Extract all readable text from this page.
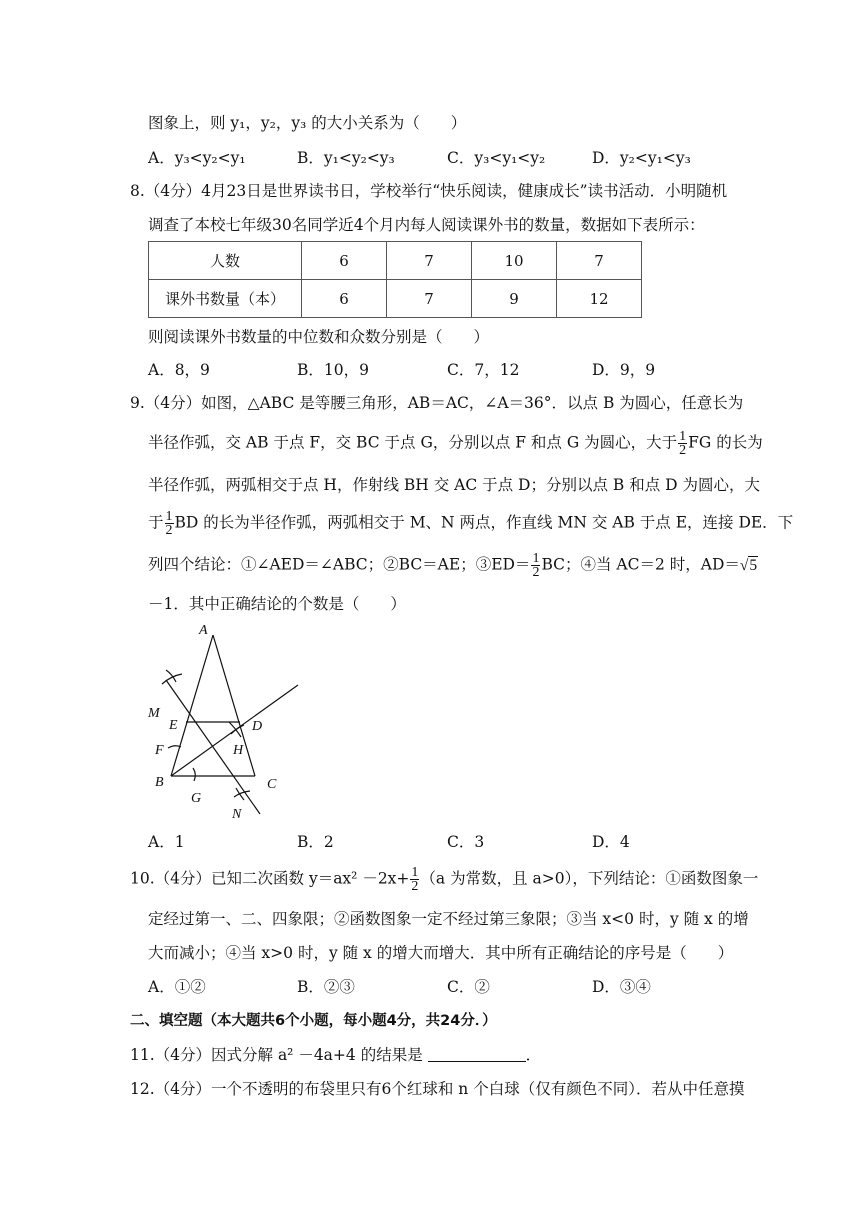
图象上，则 y₁，y₂，y₃ 的大小关系为（　　）
A．y₃<y₂<y₁	B．y₁<y₂<y₃	C．y₃<y₁<y₂	D．y₂<y₁<y₃
8.（4分）4月23日是世界读书日，学校举行“快乐阅读，健康成长”读书活动．小明随机
调查了本校七年级30名同学近4个月内每人阅读课外书的数量，数据如下表所示：
人数	6	7	10	7
课外书数量（本）	6	7	9	12
则阅读课外书数量的中位数和众数分别是（　　）
A．8，9	B．10，9	C．7，12	D．9，9
9.（4分）如图，△ABC 是等腰三角形，AB＝AC，∠A＝36°．以点 B 为圆心，任意长为
半径作弧，交 AB 于点 F，交 BC 于点 G，分别以点 F 和点 G 为圆心，大于 $\frac{1}{2}$ FG 的长为
半径作弧，两弧相交于点 H，作射线 BH 交 AC 于点 D；分别以点 B 和点 D 为圆心，大
于 $\frac{1}{2}$ BD 的长为半径作弧，两弧相交于 M、N 两点，作直线 MN 交 AB 于点 E，连接 DE．下
列四个结论：①∠AED＝∠ABC；②BC＝AE；③ED＝ $\frac{1}{2}$ BC；④当 AC＝2 时，AD＝√5
－1．其中正确结论的个数是（　　）
A
M
E	D
H
F
B
G
C
N
A．1	B．2	C．3	D．4
10.（4分）已知二次函数 $y=ax^2 -2x+ \frac{1}{2} (a$ 为常数，且 a>0），下列结论：①函数图象一
定经过第一、二、四象限；②函数图象一定不经过第三象限；③当 x<0 时，y 随 x 的增
大而减小；④当 x>0 时，y 随 x 的增大而增大．其中所有正确结论的序号是（　　）
A．①②	B．②③	C．②	D．③④
二、填空题（本大题共6个小题，每小题4分，共24分．）
11.（4分）因式分解 a² －4a+4 的结果是	．
12.（4分）一个不透明的布袋里只有6个红球和 n 个白球（仅有颜色不同）．若从中任意摸
